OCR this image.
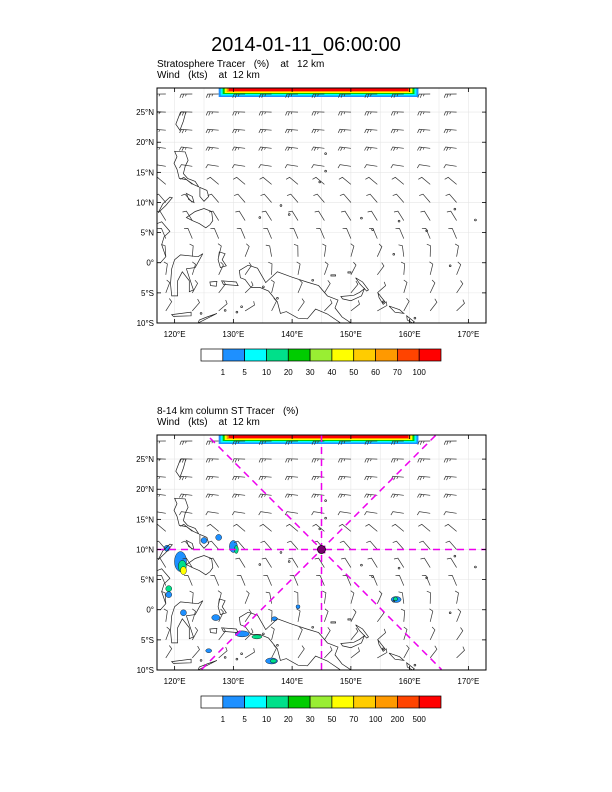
2014-01-11_06:00:00
Stratosphere Tracer   (%)    at   12 km
Wind   (kts)    at  12 km
8-14 km column ST Tracer   (%)
Wind   (kts)    at  12 km
25°N
20°N
15°N
10°N
5°N
0°
5°S
10°S
120°E	130°E	140°E	150°E	160°E	170°E
25°N
20°N
15°N
10°N
5°N
0°
5°S
10°S
120°E	130°E	140°E	150°E	160°E	170°E
1 5 10 20 30 40 50 60 70 100
1 5 10 20 30 50 70 100 200 500
